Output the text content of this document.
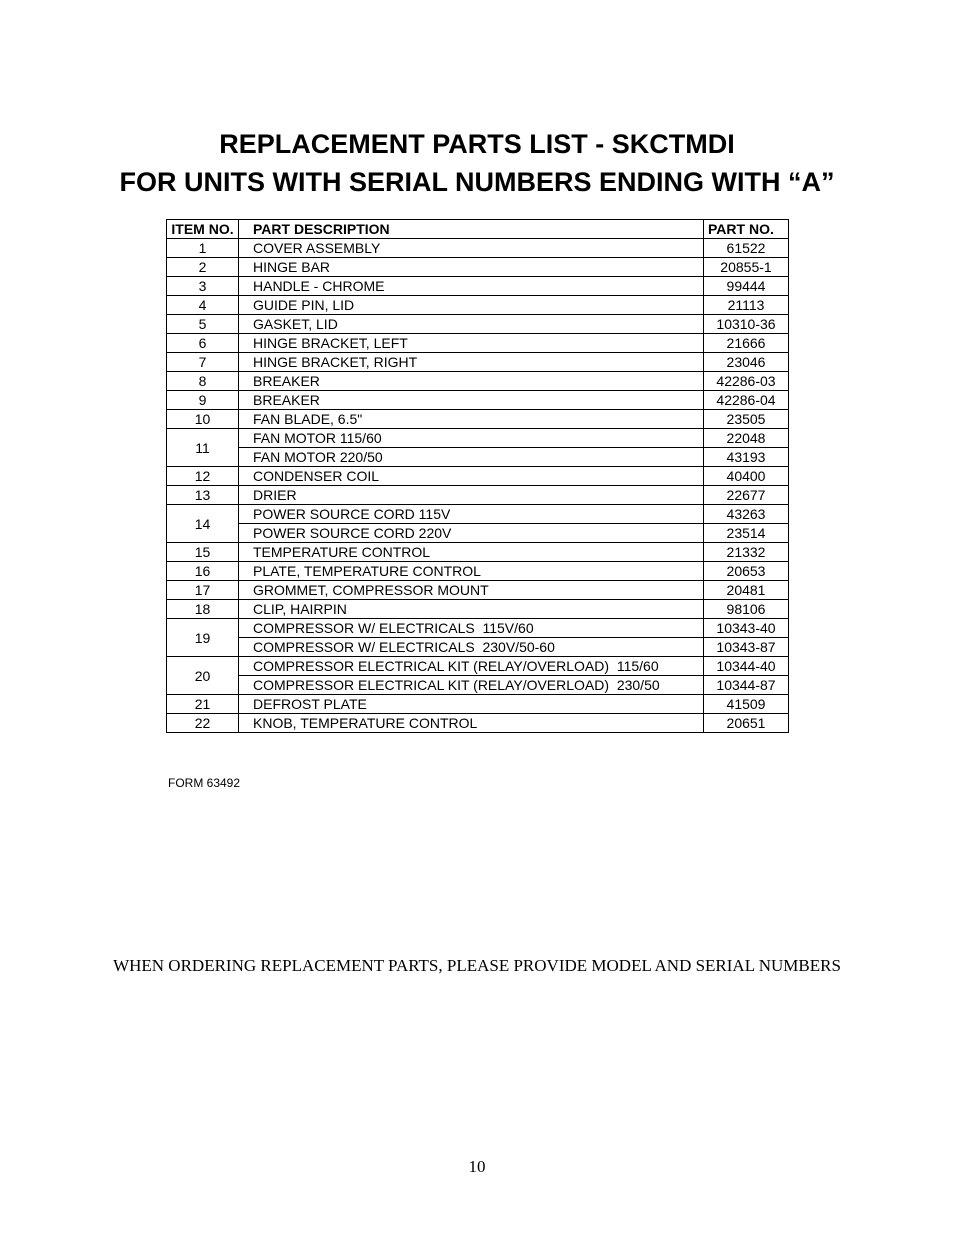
REPLACEMENT PARTS LIST - SKCTMDI
FOR UNITS WITH SERIAL NUMBERS ENDING WITH “A”
ITEM NO.	PART DESCRIPTION	PART NO.
1	COVER ASSEMBLY	61522
2	HINGE BAR	20855-1
3	HANDLE - CHROME	99444
4	GUIDE PIN, LID	21113
5	GASKET, LID	10310-36
6	HINGE BRACKET, LEFT	21666
7	HINGE BRACKET, RIGHT	23046
8	BREAKER	42286-03
9	BREAKER	42286-04
10	FAN BLADE, 6.5"	23505
11	FAN MOTOR 115/60	22048
	FAN MOTOR 220/50	43193
12	CONDENSER COIL	40400
13	DRIER	22677
14	POWER SOURCE CORD 115V	43263
	POWER SOURCE CORD 220V	23514
15	TEMPERATURE CONTROL	21332
16	PLATE, TEMPERATURE CONTROL	20653
17	GROMMET, COMPRESSOR MOUNT	20481
18	CLIP, HAIRPIN	98106
19	COMPRESSOR W/ ELECTRICALS  115V/60	10343-40
	COMPRESSOR W/ ELECTRICALS  230V/50-60	10343-87
20	COMPRESSOR ELECTRICAL KIT (RELAY/OVERLOAD)  115/60	10344-40
	COMPRESSOR ELECTRICAL KIT (RELAY/OVERLOAD)  230/50	10344-87
21	DEFROST PLATE	41509
22	KNOB, TEMPERATURE CONTROL	20651
FORM 63492
WHEN ORDERING REPLACEMENT PARTS, PLEASE PROVIDE MODEL AND SERIAL NUMBERS
10
